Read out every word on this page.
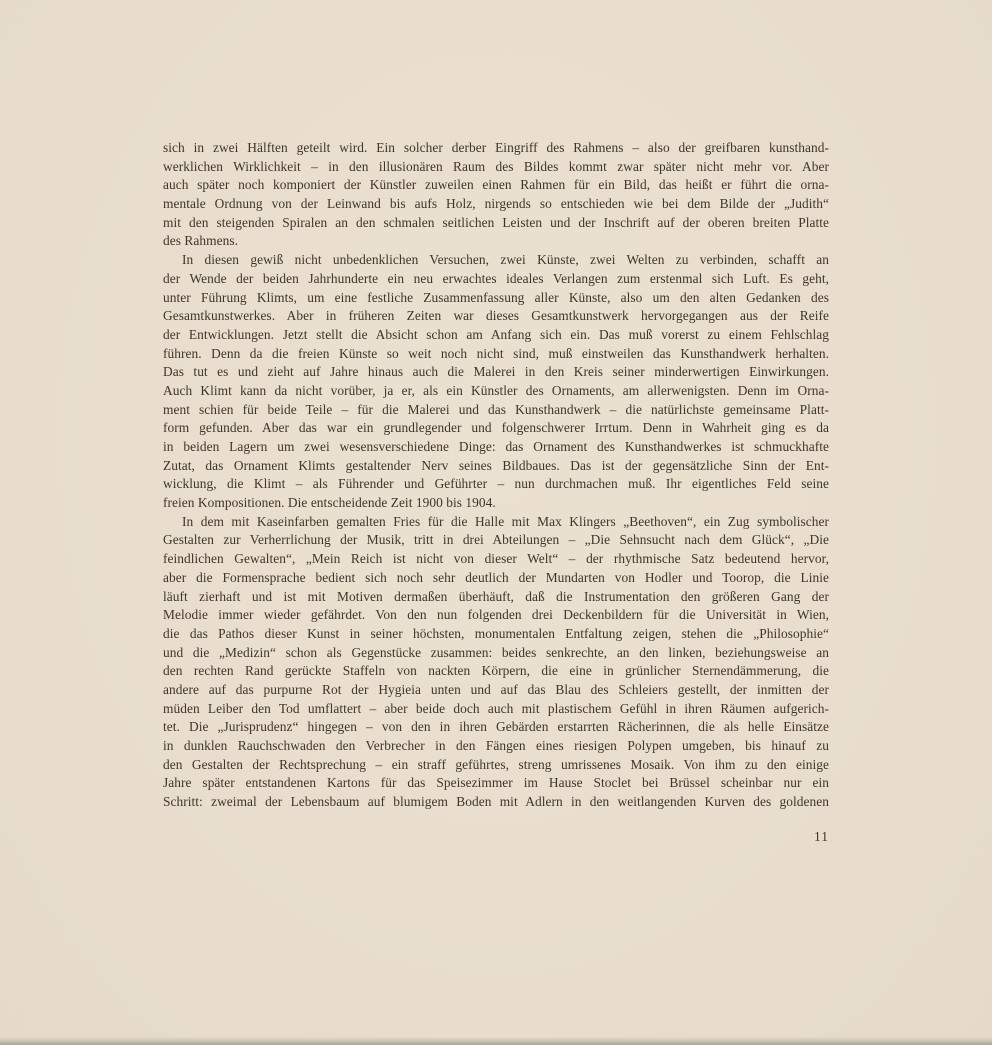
sich in zwei Hälften geteilt wird. Ein solcher derber Eingriff des Rahmens – also der greifbaren kunsthand-
werklichen Wirklichkeit – in den illusionären Raum des Bildes kommt zwar später nicht mehr vor. Aber
auch später noch komponiert der Künstler zuweilen einen Rahmen für ein Bild, das heißt er führt die orna-
mentale Ordnung von der Leinwand bis aufs Holz, nirgends so entschieden wie bei dem Bilde der „Judith“
mit den steigenden Spiralen an den schmalen seitlichen Leisten und der Inschrift auf der oberen breiten Platte
des Rahmens.
In diesen gewiß nicht unbedenklichen Versuchen, zwei Künste, zwei Welten zu verbinden, schafft an
der Wende der beiden Jahrhunderte ein neu erwachtes ideales Verlangen zum erstenmal sich Luft. Es geht,
unter Führung Klimts, um eine festliche Zusammenfassung aller Künste, also um den alten Gedanken des
Gesamtkunstwerkes. Aber in früheren Zeiten war dieses Gesamtkunstwerk hervorgegangen aus der Reife
der Entwicklungen. Jetzt stellt die Absicht schon am Anfang sich ein. Das muß vorerst zu einem Fehlschlag
führen. Denn da die freien Künste so weit noch nicht sind, muß einstweilen das Kunsthandwerk herhalten.
Das tut es und zieht auf Jahre hinaus auch die Malerei in den Kreis seiner minderwertigen Einwirkungen.
Auch Klimt kann da nicht vorüber, ja er, als ein Künstler des Ornaments, am allerwenigsten. Denn im Orna-
ment schien für beide Teile – für die Malerei und das Kunsthandwerk – die natürlichste gemeinsame Platt-
form gefunden. Aber das war ein grundlegender und folgenschwerer Irrtum. Denn in Wahrheit ging es da
in beiden Lagern um zwei wesensverschiedene Dinge: das Ornament des Kunsthandwerkes ist schmuckhafte
Zutat, das Ornament Klimts gestaltender Nerv seines Bildbaues. Das ist der gegensätzliche Sinn der Ent-
wicklung, die Klimt – als Führender und Geführter – nun durchmachen muß. Ihr eigentliches Feld seine
freien Kompositionen. Die entscheidende Zeit 1900 bis 1904.
In dem mit Kaseinfarben gemalten Fries für die Halle mit Max Klingers „Beethoven“, ein Zug symbolischer
Gestalten zur Verherrlichung der Musik, tritt in drei Abteilungen – „Die Sehnsucht nach dem Glück“, „Die
feindlichen Gewalten“, „Mein Reich ist nicht von dieser Welt“ – der rhythmische Satz bedeutend hervor,
aber die Formensprache bedient sich noch sehr deutlich der Mundarten von Hodler und Toorop, die Linie
läuft zierhaft und ist mit Motiven dermaßen überhäuft, daß die Instrumentation den größeren Gang der
Melodie immer wieder gefährdet. Von den nun folgenden drei Deckenbildern für die Universität in Wien,
die das Pathos dieser Kunst in seiner höchsten, monumentalen Entfaltung zeigen, stehen die „Philosophie“
und die „Medizin“ schon als Gegenstücke zusammen: beides senkrechte, an den linken, beziehungsweise an
den rechten Rand gerückte Staffeln von nackten Körpern, die eine in grünlicher Sternendämmerung, die
andere auf das purpurne Rot der Hygieia unten und auf das Blau des Schleiers gestellt, der inmitten der
müden Leiber den Tod umflattert – aber beide doch auch mit plastischem Gefühl in ihren Räumen aufgerich-
tet. Die „Jurisprudenz“ hingegen – von den in ihren Gebärden erstarrten Rächerinnen, die als helle Einsätze
in dunklen Rauchschwaden den Verbrecher in den Fängen eines riesigen Polypen umgeben, bis hinauf zu
den Gestalten der Rechtsprechung – ein straff geführtes, streng umrissenes Mosaik. Von ihm zu den einige
Jahre später entstandenen Kartons für das Speisezimmer im Hause Stoclet bei Brüssel scheinbar nur ein
Schritt: zweimal der Lebensbaum auf blumigem Boden mit Adlern in den weitlangenden Kurven des goldenen
11
